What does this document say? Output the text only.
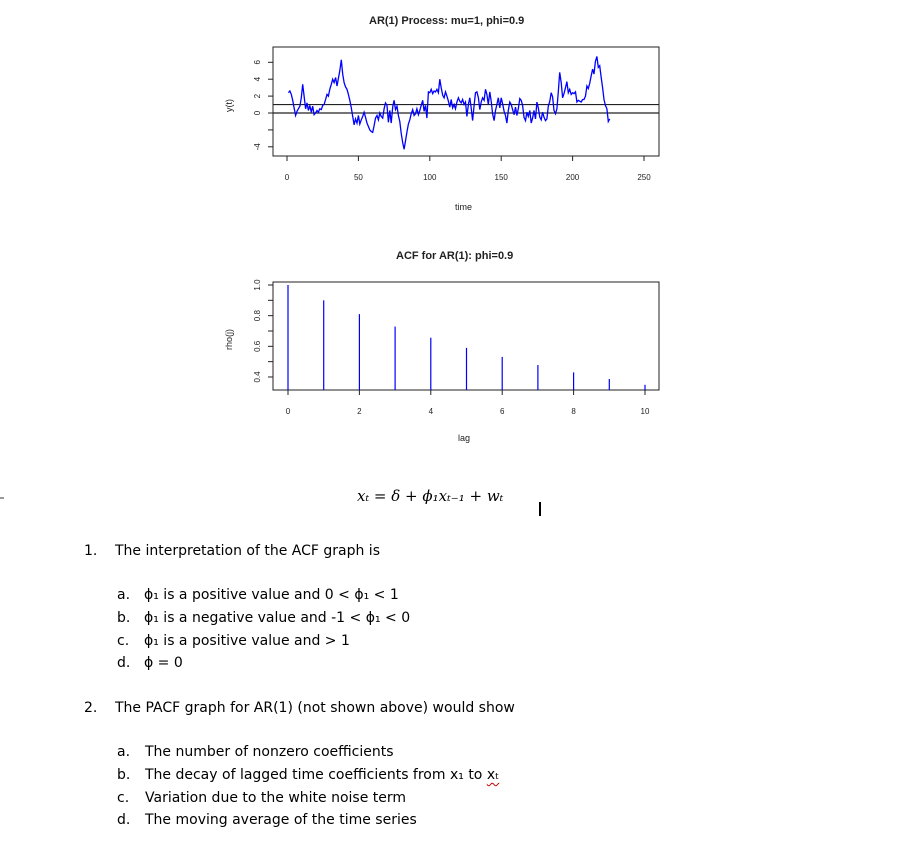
AR(1) Process: mu=1, phi=0.9
y(t)
time
0	50	100	150	200	250
-4
0
2
4
6
ACF for AR(1): phi=0.9
rho(j)
lag
0	2	4	6	8	10
0.4
0.6
0.8
1.0
xₜ = δ + ϕ₁xₜ₋₁ + wₜ
1. The interpretation of the ACF graph is
a. ϕ₁ is a positive value and 0 < ϕ₁ < 1
b. ϕ₁ is a negative value and -1 < ϕ₁ < 0
c. ϕ₁ is a positive value and > 1
d. ϕ = 0
2. The PACF graph for AR(1) (not shown above) would show
a. The number of nonzero coefficients
b. The decay of lagged time coefficients from x₁ to xₜ
c. Variation due to the white noise term
d. The moving average of the time series
